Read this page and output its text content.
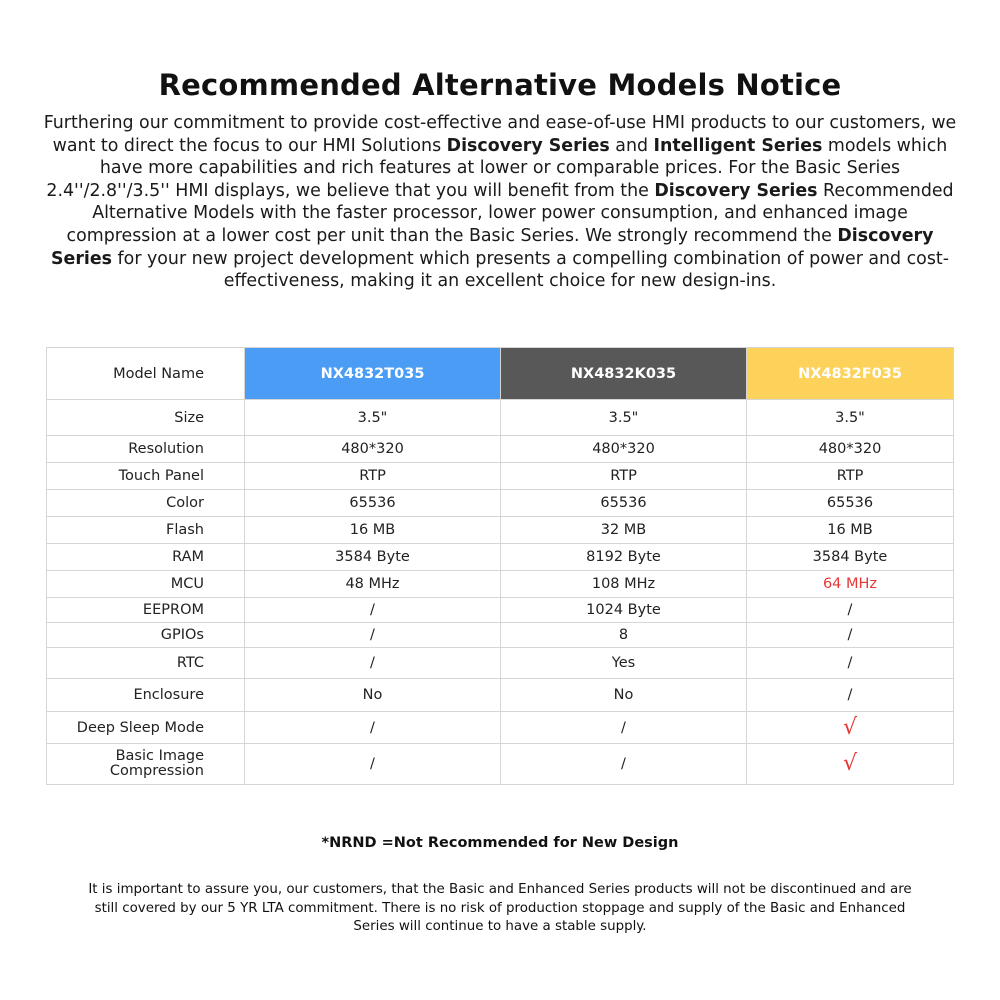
Recommended Alternative Models Notice
Furthering our commitment to provide cost-effective and ease-of-use HMI products to our customers, we want to direct the focus to our HMI Solutions Discovery Series and Intelligent Series models which have more capabilities and rich features at lower or comparable prices. For the Basic Series 2.4''/2.8''/3.5'' HMI displays, we believe that you will benefit from the Discovery Series Recommended Alternative Models with the faster processor, lower power consumption, and enhanced image compression at a lower cost per unit than the Basic Series. We strongly recommend the Discovery Series for your new project development which presents a compelling combination of power and cost-effectiveness, making it an excellent choice for new design-ins.
Model Name	NX4832T035	NX4832K035	NX4832F035
Size	3.5"	3.5"	3.5"
Resolution	480*320	480*320	480*320
Touch Panel	RTP	RTP	RTP
Color	65536	65536	65536
Flash	16 MB	32 MB	16 MB
RAM	3584 Byte	8192 Byte	3584 Byte
MCU	48 MHz	108 MHz	64 MHz
EEPROM	/	1024 Byte	/
GPIOs	/	8	/
RTC	/	Yes	/
Enclosure	No	No	/
Deep Sleep Mode	/	/	√
Basic Image Compression	/	/	√
*NRND =Not Recommended for New Design
It is important to assure you, our customers, that the Basic and Enhanced Series products will not be discontinued and are still covered by our 5 YR LTA commitment. There is no risk of production stoppage and supply of the Basic and Enhanced Series will continue to have a stable supply.
